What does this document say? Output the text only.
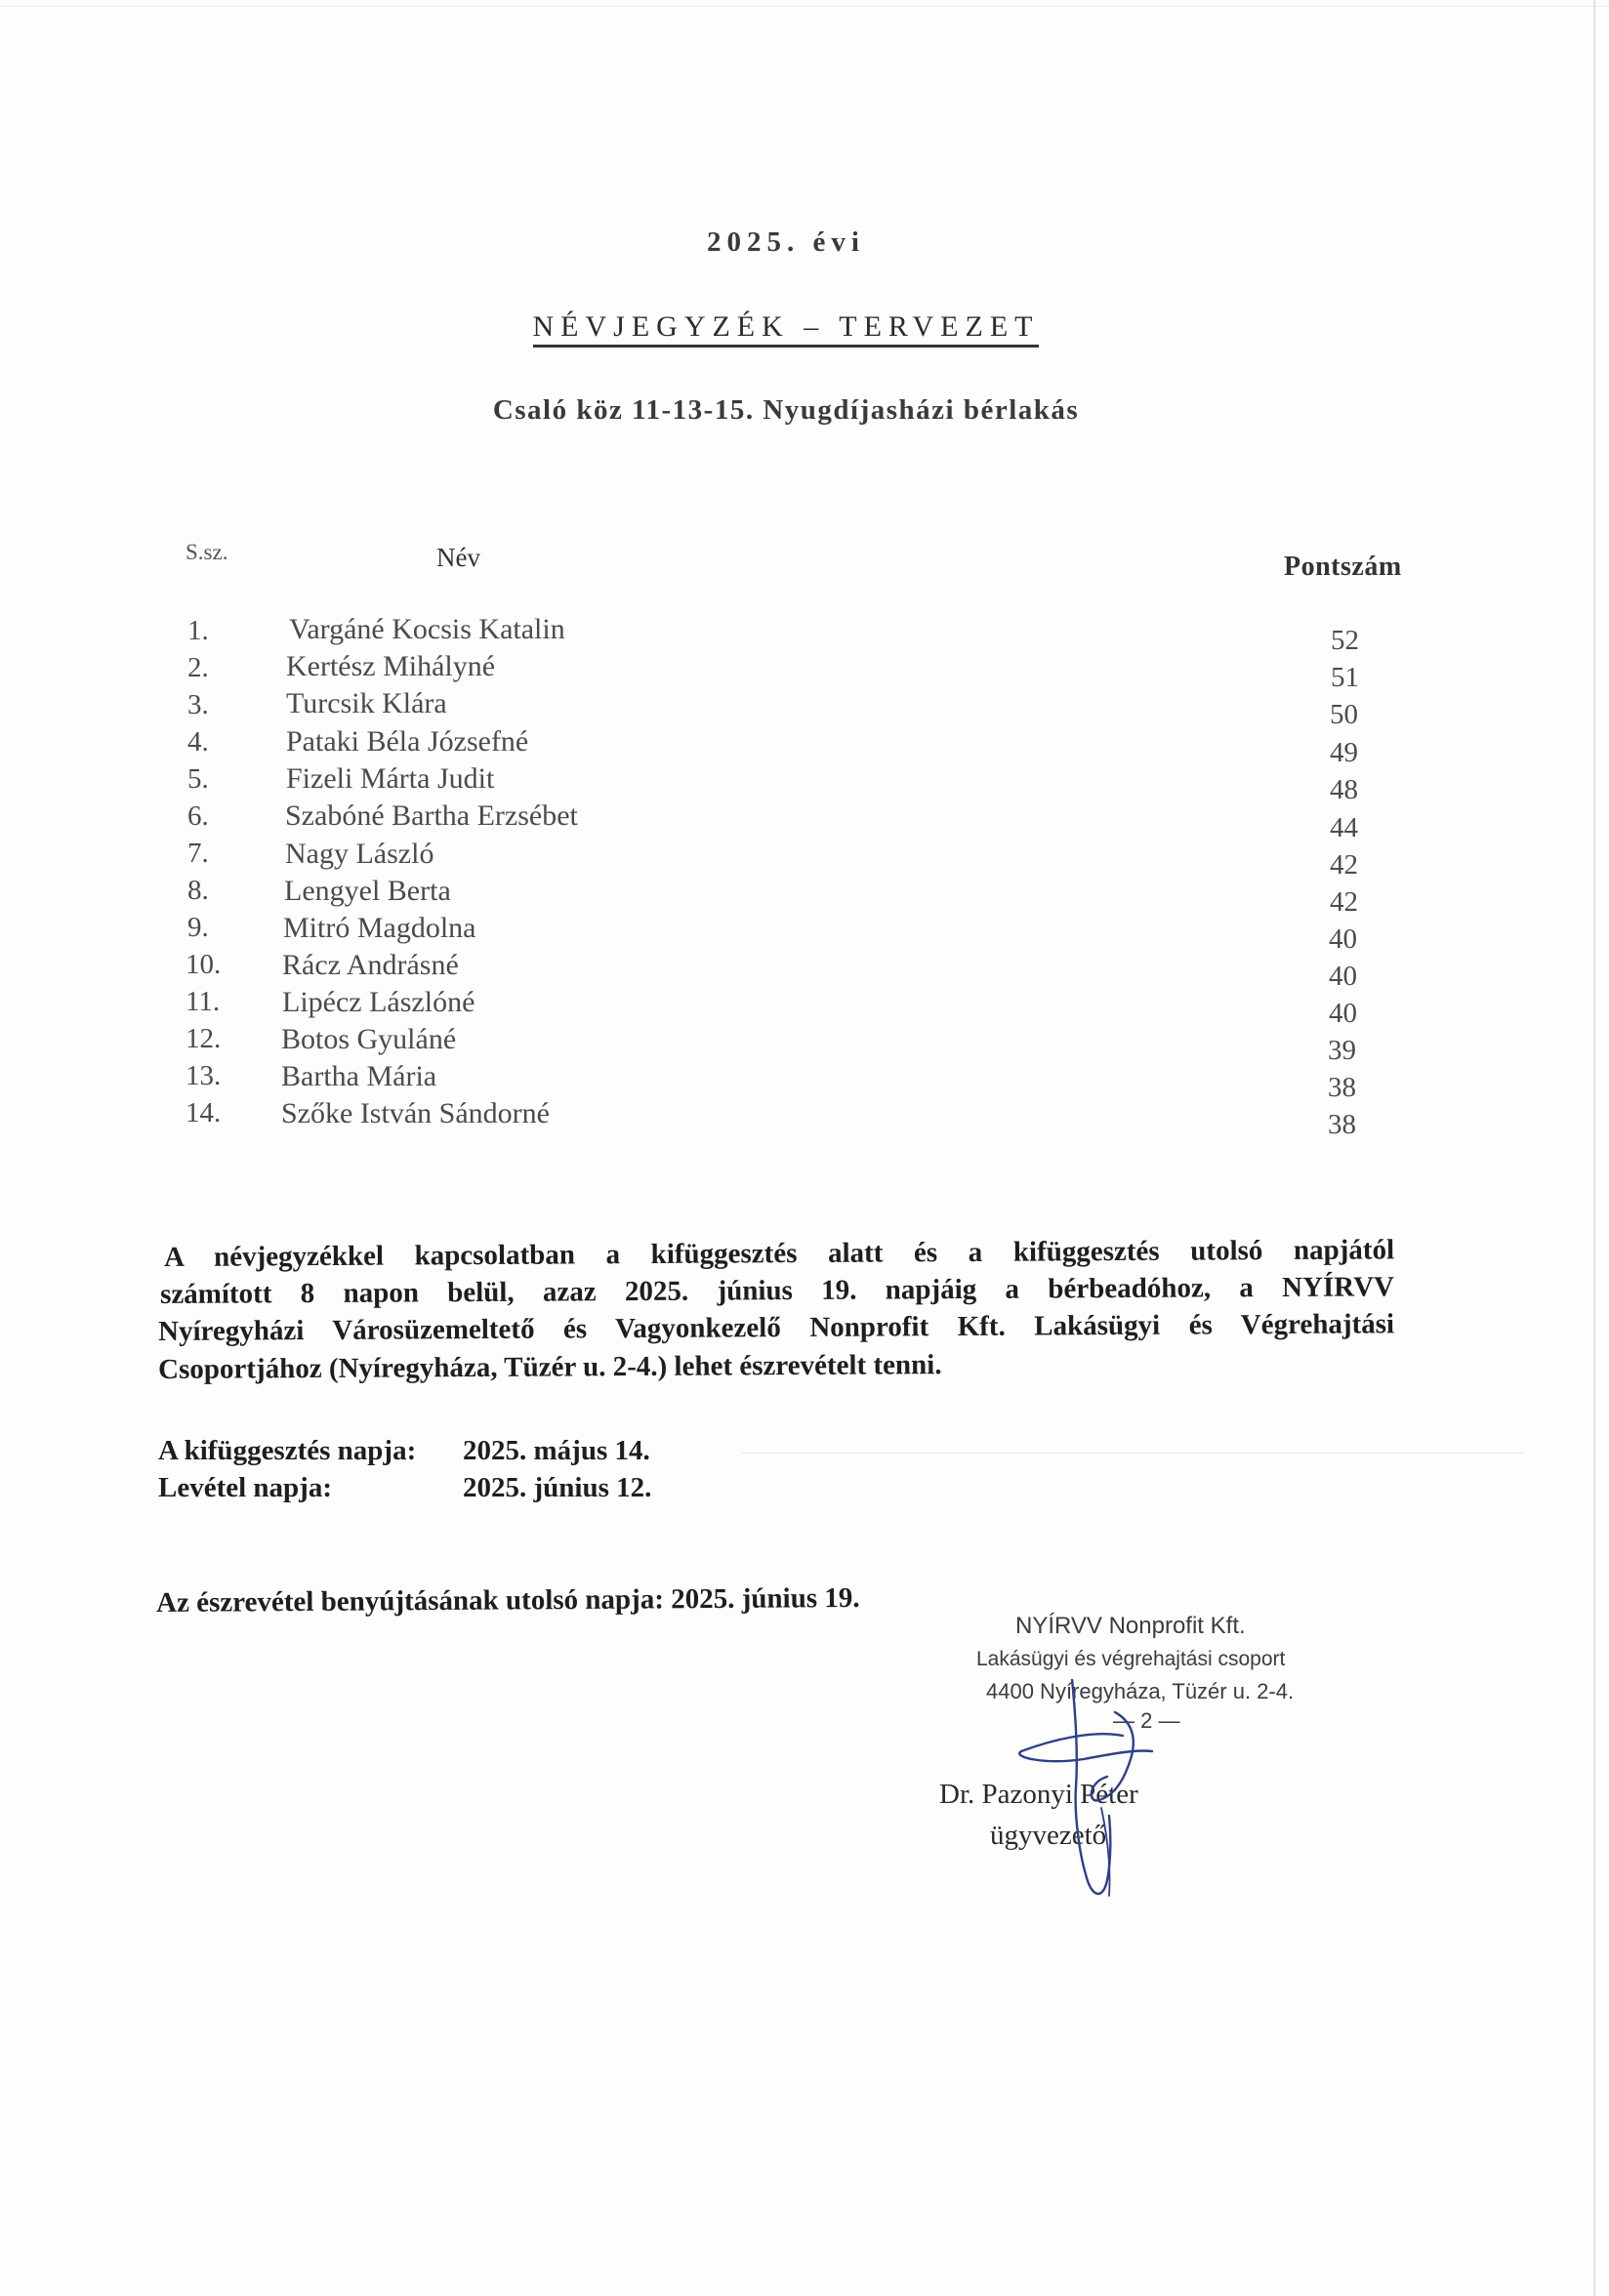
2025. évi
NÉVJEGYZÉK – TERVEZET
Csaló köz 11-13-15. Nyugdíjasházi bérlakás
S.sz.	Név	Pontszám
1.	Vargáné Kocsis Katalin	52
2.	Kertész Mihályné	51
3.	Turcsik Klára	50
4.	Pataki Béla Józsefné	49
5.	Fizeli Márta Judit	48
6.	Szabóné Bartha Erzsébet	44
7.	Nagy László	42
8.	Lengyel Berta	42
9.	Mitró Magdolna	40
10. Rácz Andrásné	40
11. Lipécz Lászlóné	40
12. Botos Gyuláné	39
13. Bartha Mária	38
14. Szőke István Sándorné	38
A névjegyzékkel kapcsolatban a kifüggesztés alatt és a kifüggesztés utolsó napjától
számított 8 napon belül, azaz 2025. június 19. napjáig a bérbeadóhoz, a NYÍRVV
Nyíregyházi Városüzemeltető és Vagyonkezelő Nonprofit Kft. Lakásügyi és Végrehajtási
Csoportjához (Nyíregyháza, Tüzér u. 2-4.) lehet észrevételt tenni.
A kifüggesztés napja: 2025. május 14.
Levétel napja:	2025. június 12.
Az észrevétel benyújtásának utolsó napja: 2025. június 19.
NYÍRVV Nonprofit Kft.
Lakásügyi és végrehajtási csoport
4400 Nyíregyháza, Tüzér u. 2-4.
— 2 —
Dr. Pazonyi Péter
ügyvezető
